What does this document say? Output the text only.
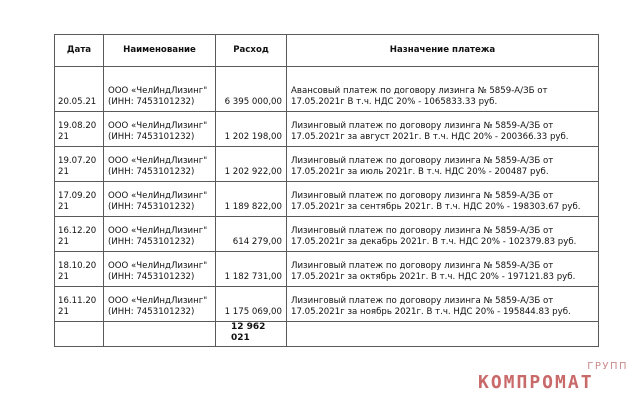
Дата	Наименование	Расход	Назначение платежа

20.05.21	ООО «ЧелИндЛизинг"
(ИНН: 7453101232)	6 395 000,00	Авансовый платеж по договору лизинга № 5859-А/ЗБ от
17.05.2021г В т.ч. НДС 20% - 1065833.33 руб.

19.08.20
21	ООО «ЧелИндЛизинг"
(ИНН: 7453101232)	1 202 198,00	Лизинговый платеж по договору лизинга № 5859-А/ЗБ от
17.05.2021г за август 2021г. В т.ч. НДС 20% - 200366.33 руб.

19.07.20
21	ООО «ЧелИндЛизинг"
(ИНН: 7453101232)	1 202 922,00	Лизинговый платеж по договору лизинга № 5859-А/ЗБ от
17.05.2021г за июль 2021г. В т.ч. НДС 20% - 200487 руб.

17.09.20
21	ООО «ЧелИндЛизинг"
(ИНН: 7453101232)	1 189 822,00	Лизинговый платеж по договору лизинга № 5859-А/ЗБ от
17.05.2021г за сентябрь 2021г. В т.ч. НДС 20% - 198303.67 руб.

16.12.20
21	ООО «ЧелИндЛизинг"
(ИНН: 7453101232)	614 279,00	Лизинговый платеж по договору лизинга № 5859-А/ЗБ от
17.05.2021г за декабрь 2021г. В т.ч. НДС 20% - 102379.83 руб.

18.10.20
21	ООО «ЧелИндЛизинг"
(ИНН: 7453101232)	1 182 731,00	Лизинговый платеж по договору лизинга № 5859-А/ЗБ от
17.05.2021г за октябрь 2021г. В т.ч. НДС 20% - 197121.83 руб.

16.11.20
21	ООО «ЧелИндЛизинг"
(ИНН: 7453101232)	1 175 069,00	Лизинговый платеж по договору лизинга № 5859-А/ЗБ от
17.05.2021г за ноябрь 2021г. В т.ч. НДС 20% - 195844.83 руб.

		12 962 021	
ГРУПП
КОМПРОМАТ
